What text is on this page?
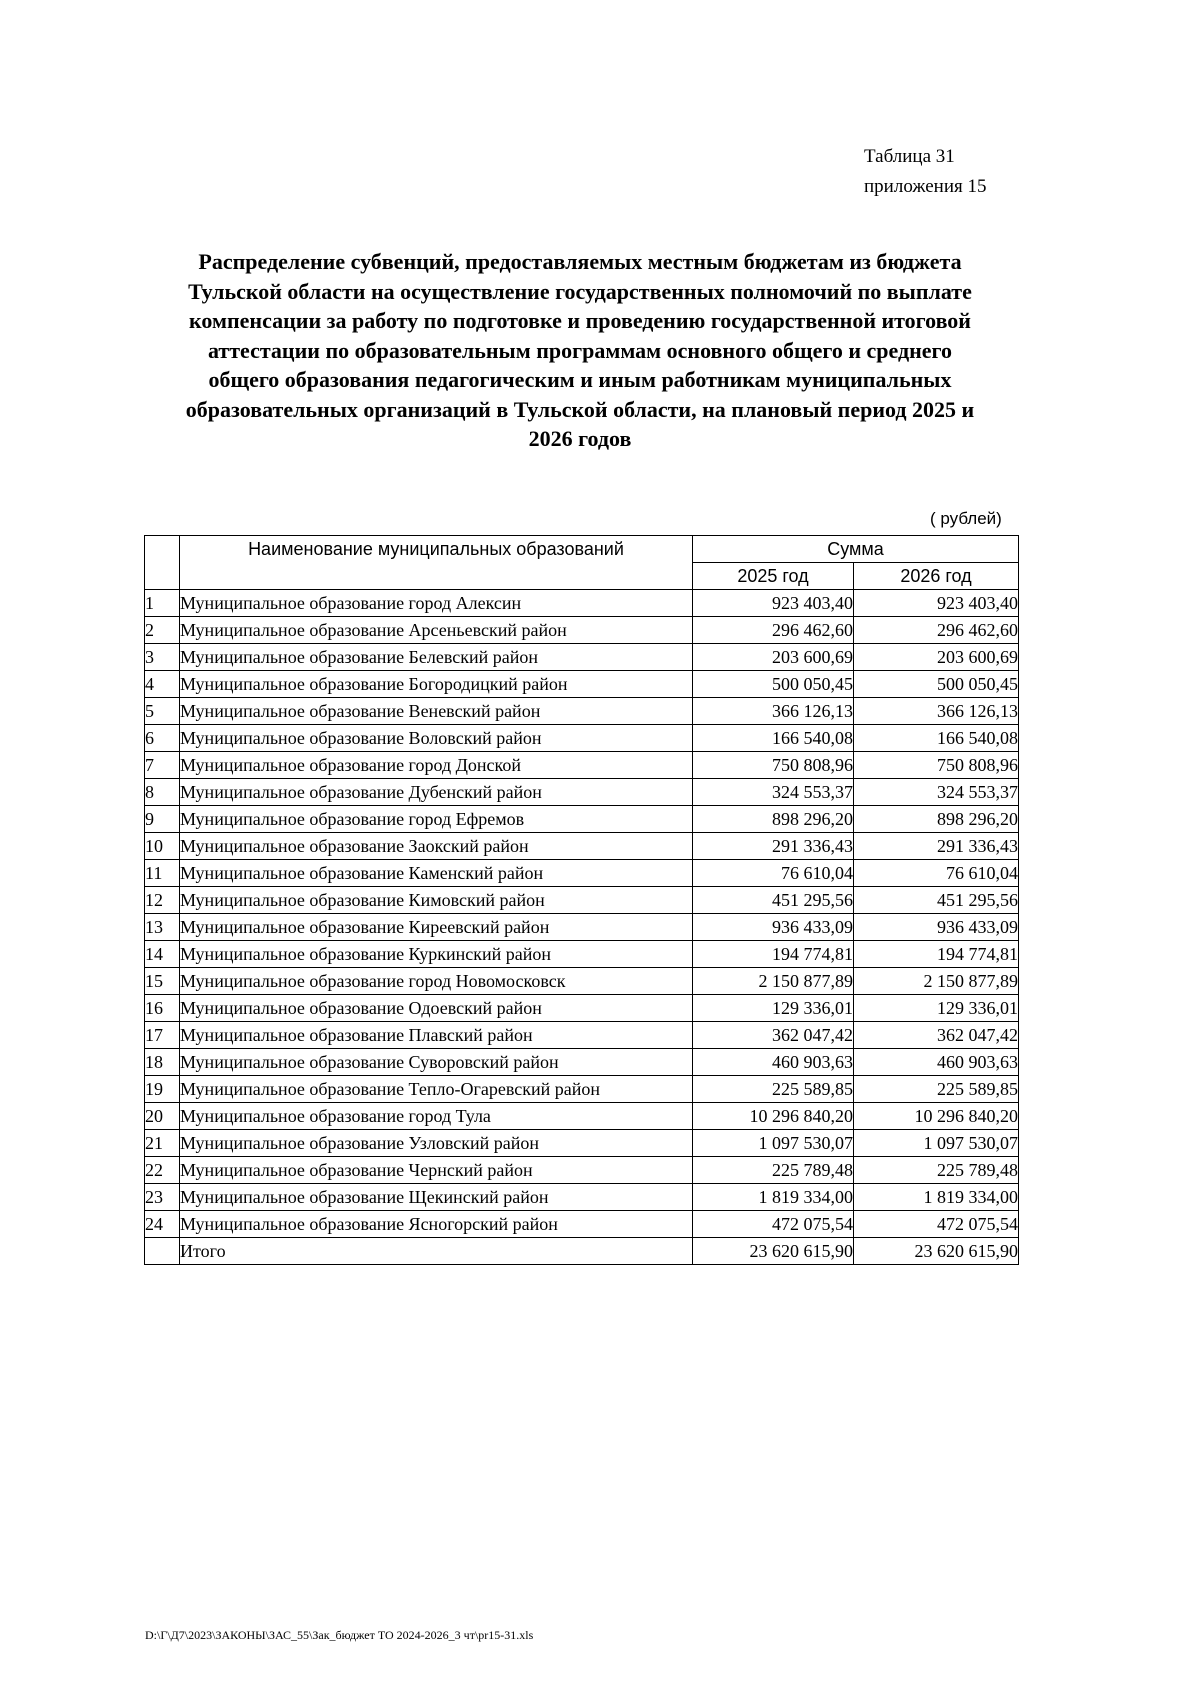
Таблица 31
приложения 15
Распределение субвенций, предоставляемых местным бюджетам из бюджета
Тульской области на осуществление государственных полномочий по выплате
компенсации за работу по подготовке и проведению государственной итоговой
аттестации по образовательным программам основного общего и среднего
общего образования педагогическим и иным работникам муниципальных
образовательных организаций в Тульской области, на плановый период 2025 и
2026 годов
( рублей)
	Наименование муниципальных образований	Сумма	
		2025 год	2026 год
1	Муниципальное образование город Алексин	923 403,40	923 403,40
2	Муниципальное образование Арсеньевский район	296 462,60	296 462,60
3	Муниципальное образование Белевский район	203 600,69	203 600,69
4	Муниципальное образование Богородицкий район	500 050,45	500 050,45
5	Муниципальное образование Веневский район	366 126,13	366 126,13
6	Муниципальное образование Воловский район	166 540,08	166 540,08
7	Муниципальное образование город Донской	750 808,96	750 808,96
8	Муниципальное образование Дубенский район	324 553,37	324 553,37
9	Муниципальное образование город Ефремов	898 296,20	898 296,20
10	Муниципальное образование Заокский район	291 336,43	291 336,43
11	Муниципальное образование Каменский район	76 610,04	76 610,04
12	Муниципальное образование Кимовский район	451 295,56	451 295,56
13	Муниципальное образование Киреевский район	936 433,09	936 433,09
14	Муниципальное образование Куркинский район	194 774,81	194 774,81
15	Муниципальное образование город Новомосковск	2 150 877,89	2 150 877,89
16	Муниципальное образование Одоевский район	129 336,01	129 336,01
17	Муниципальное образование Плавский район	362 047,42	362 047,42
18	Муниципальное образование Суворовский район	460 903,63	460 903,63
19	Муниципальное образование Тепло-Огаревский район	225 589,85	225 589,85
20	Муниципальное образование город Тула	10 296 840,20	10 296 840,20
21	Муниципальное образование Узловский район	1 097 530,07	1 097 530,07
22	Муниципальное образование Чернский район	225 789,48	225 789,48
23	Муниципальное образование Щекинский район	1 819 334,00	1 819 334,00
24	Муниципальное образование Ясногорский район	472 075,54	472 075,54
	Итого	23 620 615,90	23 620 615,90
D:\Г\Д7\2023\ЗАКОНЫ\ЗАС_55\Зак_бюджет ТО 2024-2026_3 чт\pr15-31.xls
